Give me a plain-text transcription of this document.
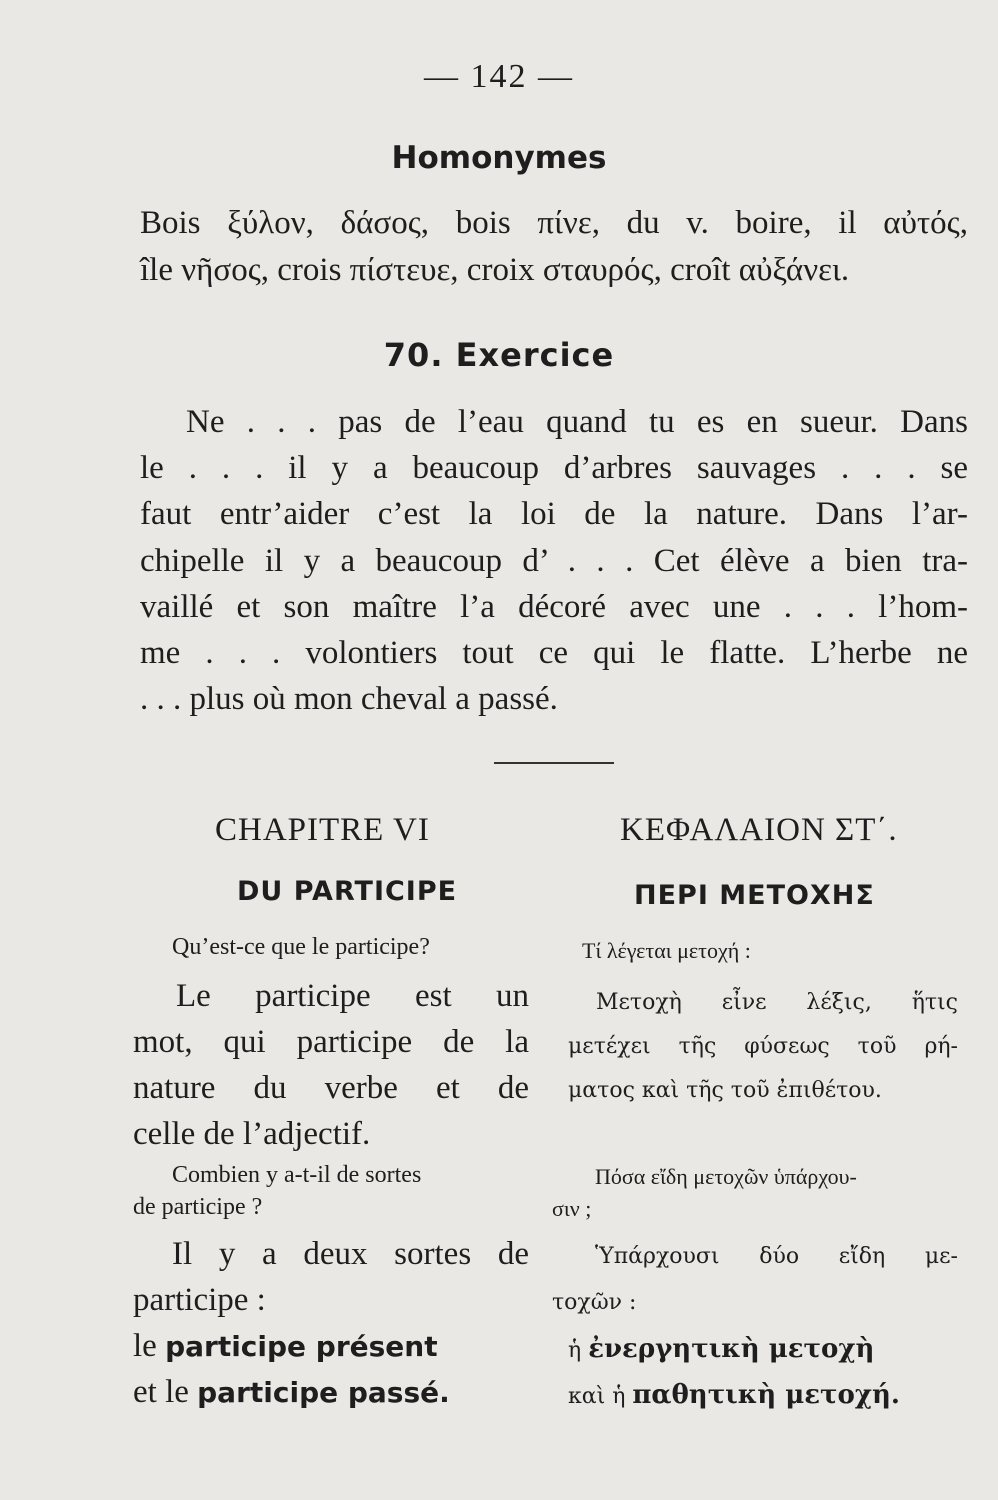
— 142 —
Homonymes
Bois ξύλον, δάσος, bois πίνε, du v. boire, il αὐτός,
île νῆσος, crois πίστευε, croix σταυρός, croît αὐξάνει.
70. Exercice
Ne . . . pas de l’eau quand tu es en sueur. Dans
le . . . il y a beaucoup d’arbres sauvages . . . se
faut entr’aider c’est la loi de la nature. Dans l’ar-
chipelle il y a beaucoup d’ . . . Cet élève a bien tra-
vaillé et son maître l’a décoré avec une . . . l’hom-
me . . . volontiers tout ce qui le flatte. L’herbe ne
. . . plus où mon cheval a passé.
CHAPITRE VI
DU PARTICIPE
Qu’est-ce que le participe?
Le participe est un
mot, qui participe de la
nature du verbe et de
celle de l’adjectif.
Combien y a-t-il de sortes
de participe ?
Il y a deux sortes de
participe :
le participe présent
et le participe passé.
ΚΕΦΑΛΑΙΟΝ ΣΤ΄.
ΠΕΡΙ ΜΕΤΟΧΗΣ
Τί λέγεται μετοχή :
Μετοχὴ εἶνε λέξις, ἥτις
μετέχει τῆς φύσεως τοῦ ρή-
ματος καὶ τῆς τοῦ ἐπιθέτου.
Πόσα εἴδη μετοχῶν ὑπάρχου-
σιν ;
Ὑπάρχουσι δύο εἴδη με-
τοχῶν :
ἡ ἐνεργητικὴ μετοχὴ
καὶ ἡ παθητικὴ μετοχή.
